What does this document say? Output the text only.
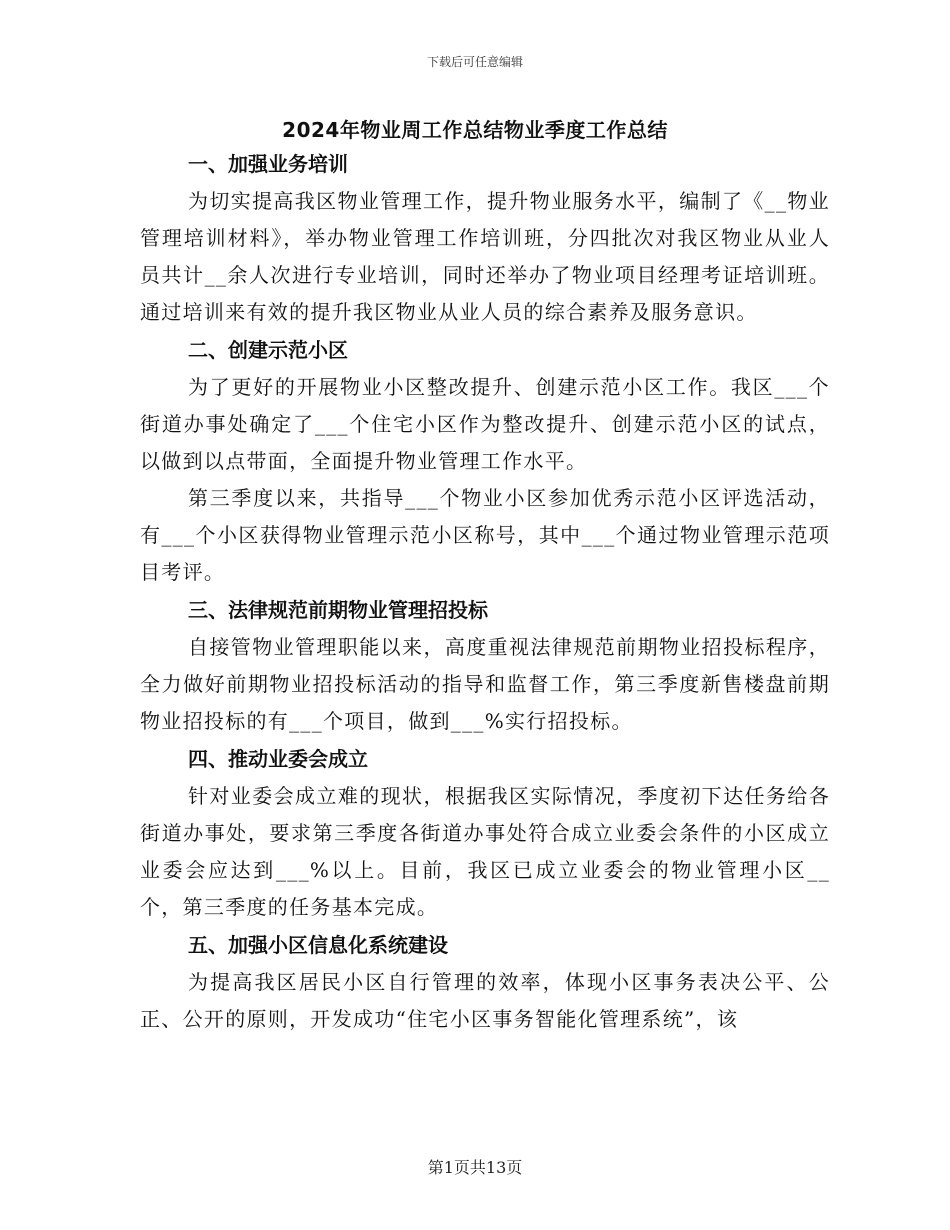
下载后可任意编辑
2024年物业周工作总结物业季度工作总结
一、加强业务培训

为切实提高我区物业管理工作，提升物业服务水平，编制了《__物业管理培训材料》，举办物业管理工作培训班，分四批次对我区物业从业人员共计__余人次进行专业培训，同时还举办了物业项目经理考证培训班。通过培训来有效的提升我区物业从业人员的综合素养及服务意识。

二、创建示范小区

为了更好的开展物业小区整改提升、创建示范小区工作。我区___个街道办事处确定了___个住宅小区作为整改提升、创建示范小区的试点，以做到以点带面，全面提升物业管理工作水平。

第三季度以来，共指导___个物业小区参加优秀示范小区评选活动，有___个小区获得物业管理示范小区称号，其中___个通过物业管理示范项目考评。

三、法律规范前期物业管理招投标

自接管物业管理职能以来，高度重视法律规范前期物业招投标程序，全力做好前期物业招投标活动的指导和监督工作，第三季度新售楼盘前期物业招投标的有___个项目，做到___%实行招投标。

四、推动业委会成立

针对业委会成立难的现状，根据我区实际情况，季度初下达任务给各街道办事处，要求第三季度各街道办事处符合成立业委会条件的小区成立业委会应达到___%以上。目前，我区已成立业委会的物业管理小区__个，第三季度的任务基本完成。

五、加强小区信息化系统建设

为提高我区居民小区自行管理的效率，体现小区事务表决公平、公正、公开的原则，开发成功“住宅小区事务智能化管理系统”，该

第1页共13页
